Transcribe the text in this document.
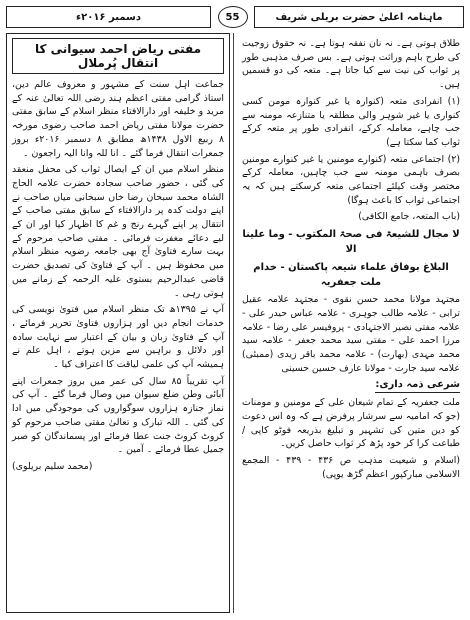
دسمبر ۲۰۱۶ء	55	ماہنامہ اعلیٰ حضرت بریلی شریف
مفتی ریاض احمد سیوانی کا انتقال پُرملال

جماعت اہل سنت کے مشہور و معروف عالم دین، استاذ گرامی مفتی اعظم ہند رضی اللہ تعالیٰ عنہ کے مرید و خلیفہ اور دارالافتاء منظر اسلام کے سابق مفتی حضرت مولانا مفتی ریاض احمد صاحب رضوی مورخہ ۸ ربیع الاول ۱۴۳۸ھ مطابق ۸ دسمبر ۲۰۱۶ء بروز جمعرات انتقال فرما گئے ۔ انا للہ وانا الیہ راجعون ۔

منظر اسلام میں ان کے ایصال ثواب کی محفل منعقد کی گئی ، حضور صاحب سجادہ حضرت علامہ الحاج الشاہ محمد سبحان رضا خاں سبحانی میاں صاحب نے اپنے دولت کدہ پر دارالافتاء کے سابق مفتی صاحب کے انتقال پر اپنے گہرے رنج و غم کا اظہار کیا اور ان کے لیے دعائے مغفرت فرمائی ۔ مفتی صاحب مرحوم کے بہت سارے فتاویٰ آج بھی جامعہ رضویہ منظر اسلام میں محفوظ ہیں ۔ آپ کے فتاویٰ کی تصدیق حضرت قاضی عبدالرحیم بستوی علیہ الرحمہ کے زمانے میں ہوتی رہی ۔

آپ نے ۱۳۹۵ھ تک منظر اسلام میں فتویٰ نویسی کی خدمات انجام دیں اور ہزاروں فتاویٰ تحریر فرمائے ، آپ کے فتاویٰ زبان و بیان کے اعتبار سے نہایت سادہ اور دلائل و براہین سے مزین ہوتے ، اہل علم نے ہمیشہ آپ کی علمی لیاقت کا اعتراف کیا ۔

آپ تقریباً ۸۵ سال کی عمر میں بروز جمعرات اپنے آبائی وطن ضلع سیوان میں وصال فرما گئے ۔ آپ کی نماز جنازہ ہزاروں سوگواروں کی موجودگی میں ادا کی گئی ۔ اللہ تبارک و تعالیٰ مفتی صاحب مرحوم کو کروٹ کروٹ جنت عطا فرمائے اور پسماندگان کو صبر جمیل عطا فرمائے ۔ آمین ۔

(محمد سلیم بریلوی)

طلاق ہوتی ہے۔ نہ نان نفقہ ہوتا ہے۔ نہ حقوق زوجیت کی طرح باہم وراثت ہوتی ہے۔ بس صرف مذہبی طور پر ثواب کی نیت سے کیا جاتا ہے۔ متعہ کی دو قسمیں ہیں۔

(۱) انفرادی متعہ (کنوارہ یا غیر کنوارہ مومن کسی کنواری یا غیر شوہر والی مطلقہ یا متنازعہ مومنہ سے جب چاہے، معاملہ کرکے، انفرادی طور پر متعہ کرکے ثواب کما سکتا ہے)

(۲) اجتماعی متعہ (کنوارے مومنین یا غیر کنوارے مومنین بصرف باہمی مومنہ سے جب چاہیں، معاملہ کرکے مختصر وقت کیلئے اجتماعی متعہ کرسکتے ہیں کہ یہ اجتماعی ثواب کا باعث ہوگا)

(باب المتعہ، جامع الکافی)

لا مجال للشیعۃ فی صحۃ المکتوب - وما علینا الا
البلاغ بوفاق علماء شیعہ پاکستان - خدام ملت جعفریہ

مجتہد مولانا محمد حسن نقوی - مجتہد علامہ عقیل ترابی - علامہ طالب جوہری - علامہ عباس حیدر علی - علامہ مفتی نصیر الاجتہادی - پروفیسر علی رضا - علامہ مرزا احمد علی - مفتی سید محمد جعفر - علامہ سید محمد مہدی (بھارت) - علامہ محمد باقر زیدی (ممبئی) علامہ سید جارت - مولانا عارف حسین حسینی

شرعی ذمہ داری:

ملت جعفریہ کے تمام شیعان علی کے مومنین و مومنات (جو کہ امامیہ سے سرشار پرفرض ہے کہ وہ اس دعوت کو دین متین کی تشہیر و تبلیغ بذریعہ فوٹو کاپی / طباعت کرا کر خود پڑھ کر ثواب حاصل کریں۔

(اسلام و شیعیت مذہب ص ۴۳۶ - ۴۳۹ - المجمع الاسلامی مبارکپور اعظم گڑھ یوپی)
